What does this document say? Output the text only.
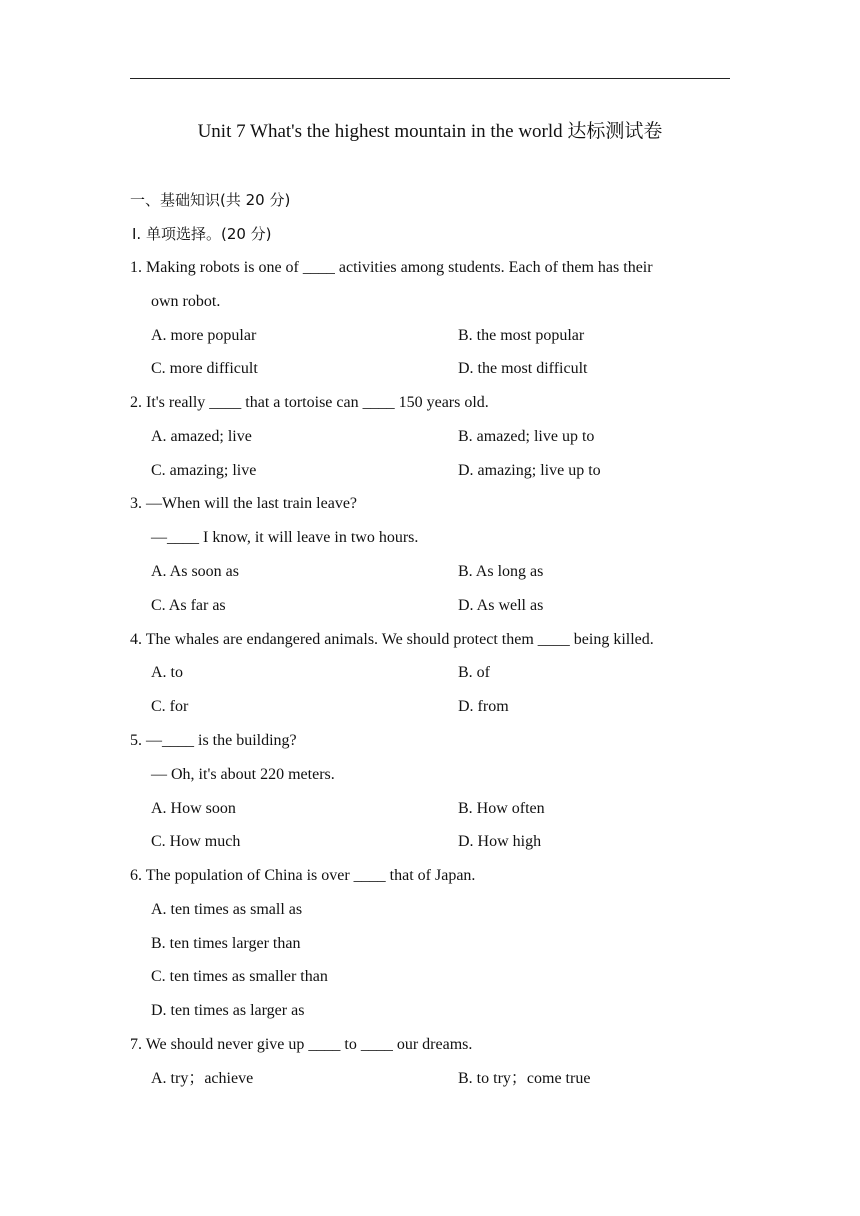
Unit 7 What's the highest mountain in the world 达标测试卷
一、基础知识(共 20 分)
Ⅰ. 单项选择。(20 分)
1. Making robots is one of ____ activities among students. Each of them has their
own robot.
A. more popular	B. the most popular
C. more difficult	D. the most difficult
2. It's really ____ that a tortoise can ____ 150 years old.
A. amazed; live	B. amazed; live up to
C. amazing; live	D. amazing; live up to
3. —When will the last train leave?
—____ I know, it will leave in two hours.
A. As soon as	B. As long as
C. As far as	D. As well as
4. The whales are endangered animals. We should protect them ____ being killed.
A. to	B. of
C. for	D. from
5. —____ is the building?
— Oh, it's about 220 meters.
A. How soon	B. How often
C. How much	D. How high
6. The population of China is over ____ that of Japan.
A. ten times as small as
B. ten times larger than
C. ten times as smaller than
D. ten times as larger as
7. We should never give up ____ to ____ our dreams.
A. try；achieve	B. to try；come true
